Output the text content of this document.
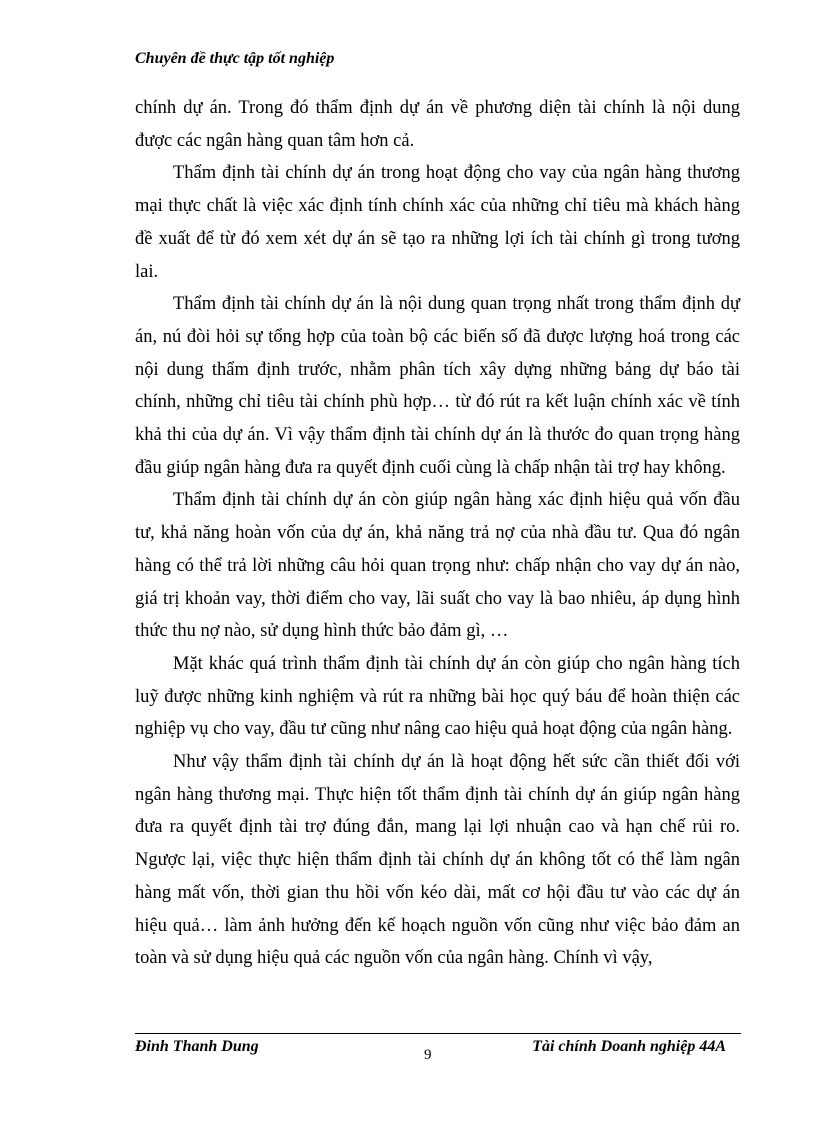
Chuyên đề thực tập tốt nghiệp

chính dự án. Trong đó thẩm định dự án về phương diện tài chính là nội dung được các ngân hàng quan tâm hơn cả.

Thẩm định tài chính dự án trong hoạt động cho vay của ngân hàng thương mại thực chất là việc xác định tính chính xác của những chỉ tiêu mà khách hàng đề xuất để từ đó xem xét dự án sẽ tạo ra những lợi ích tài chính gì trong tương lai.

Thẩm định tài chính dự án là nội dung quan trọng nhất trong thẩm định dự án, nú đòi hỏi sự tổng hợp của toàn bộ các biến số đã được lượng hoá trong các nội dung thẩm định trước, nhằm phân tích xây dựng những bảng dự báo tài chính, những chỉ tiêu tài chính phù hợp… từ đó rút ra kết luận chính xác về tính khả thi của dự án. Vì vậy thẩm định tài chính dự án là thước đo quan trọng hàng đầu giúp ngân hàng đưa ra quyết định cuối cùng là chấp nhận tài trợ hay không.

Thẩm định tài chính dự án còn giúp ngân hàng xác định hiệu quả vốn đầu tư, khả năng hoàn vốn của dự án, khả năng trả nợ của nhà đầu tư. Qua đó ngân hàng có thể trả lời những câu hỏi quan trọng như: chấp nhận cho vay dự án nào, giá trị khoản vay, thời điểm cho vay, lãi suất cho vay là bao nhiêu, áp dụng hình thức thu nợ nào, sử dụng hình thức bảo đảm gì, …

Mặt khác quá trình thẩm định tài chính dự án còn giúp cho ngân hàng tích luỹ được những kinh nghiệm và rút ra những bài học quý báu để hoàn thiện các nghiệp vụ cho vay, đầu tư cũng như nâng cao hiệu quả hoạt động của ngân hàng.

Như vậy thẩm định tài chính dự án là hoạt động hết sức cần thiết đối với ngân hàng thương mại. Thực hiện tốt thẩm định tài chính dự án giúp ngân hàng đưa ra quyết định tài trợ đúng đắn, mang lại lợi nhuận cao và hạn chế rủi ro. Ngược lại, việc thực hiện thẩm định tài chính dự án không tốt có thể làm ngân hàng mất vốn, thời gian thu hồi vốn kéo dài, mất cơ hội đầu tư vào các dự án hiệu quả… làm ảnh hưởng đến kế hoạch nguồn vốn cũng như việc bảo đảm an toàn và sử dụng hiệu quả các nguồn vốn của ngân hàng. Chính vì vậy,

Đinh Thanh Dung	9	Tài chính Doanh nghiệp 44A
